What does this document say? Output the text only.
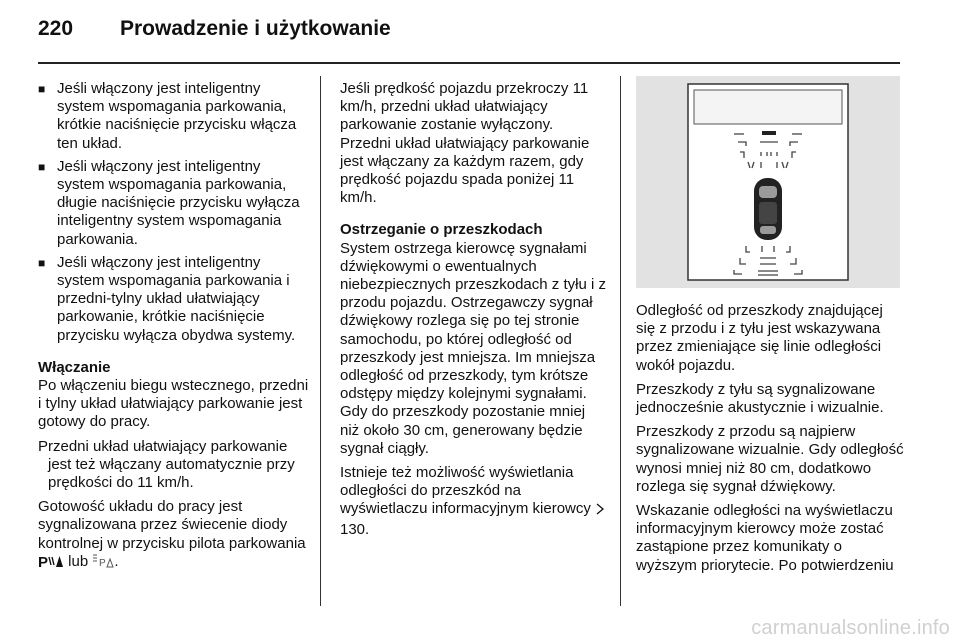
220 Prowadzenie i użytkowanie
■ Jeśli włączony jest inteligentny system wspomagania parkowania, krótkie naciśnięcie przycisku włącza ten układ.
■ Jeśli włączony jest inteligentny system wspomagania parkowania, długie naciśnięcie przycisku wyłącza inteligentny system wspomagania parkowania.
■ Jeśli włączony jest inteligentny system wspomagania parkowania i przedni-tylny układ ułatwiający parkowanie, krótkie naciśnięcie przycisku wyłącza obydwa systemy.
Włączanie

Po włączeniu biegu wstecznego, przedni i tylny układ ułatwiający parkowanie jest gotowy do pracy.

Przedni układ ułatwiający parkowanie jest też włączany automatycznie przy prędkości do 11 km/h.

Gotowość układu do pracy jest sygnalizowana przez świecenie diody kontrolnej w przycisku pilota parkowania
P lub P .

Jeśli prędkość pojazdu przekroczy 11 km/h, przedni układ ułatwiający parkowanie zostanie wyłączony. Przedni układ ułatwiający parkowanie jest włączany za każdym razem, gdy prędkość pojazdu spada poniżej 11 km/h.

Ostrzeganie o przeszkodach

System ostrzega kierowcę sygnałami dźwiękowymi o ewentualnych niebezpiecznych przeszkodach z tyłu i z przodu pojazdu. Ostrzegawczy sygnał dźwiękowy rozlega się po tej stronie samochodu, po której odległość od przeszkody jest mniejsza. Im mniejsza odległość od przeszkody, tym krótsze odstępy między kolejnymi sygnałami. Gdy do przeszkody pozostanie mniej niż około 30 cm, generowany będzie sygnał ciągły.

Istnieje też możliwość wyświetlania odległości do przeszkód na wyświetlaczu informacyjnym kierowcy  130.

Odległość od przeszkody znajdującej się z przodu i z tyłu jest wskazywana przez zmieniające się linie odległości wokół pojazdu.

Przeszkody z tyłu są sygnalizowane jednocześnie akustycznie i wizualnie.

Przeszkody z przodu są najpierw sygnalizowane wizualnie. Gdy odległość wynosi mniej niż 80 cm, dodatkowo rozlega się sygnał dźwiękowy.

Wskazanie odległości na wyświetlaczu informacyjnym kierowcy może zostać zastąpione przez komunikaty o wyższym priorytecie. Po potwierdzeniu

carmanualsonline.info
